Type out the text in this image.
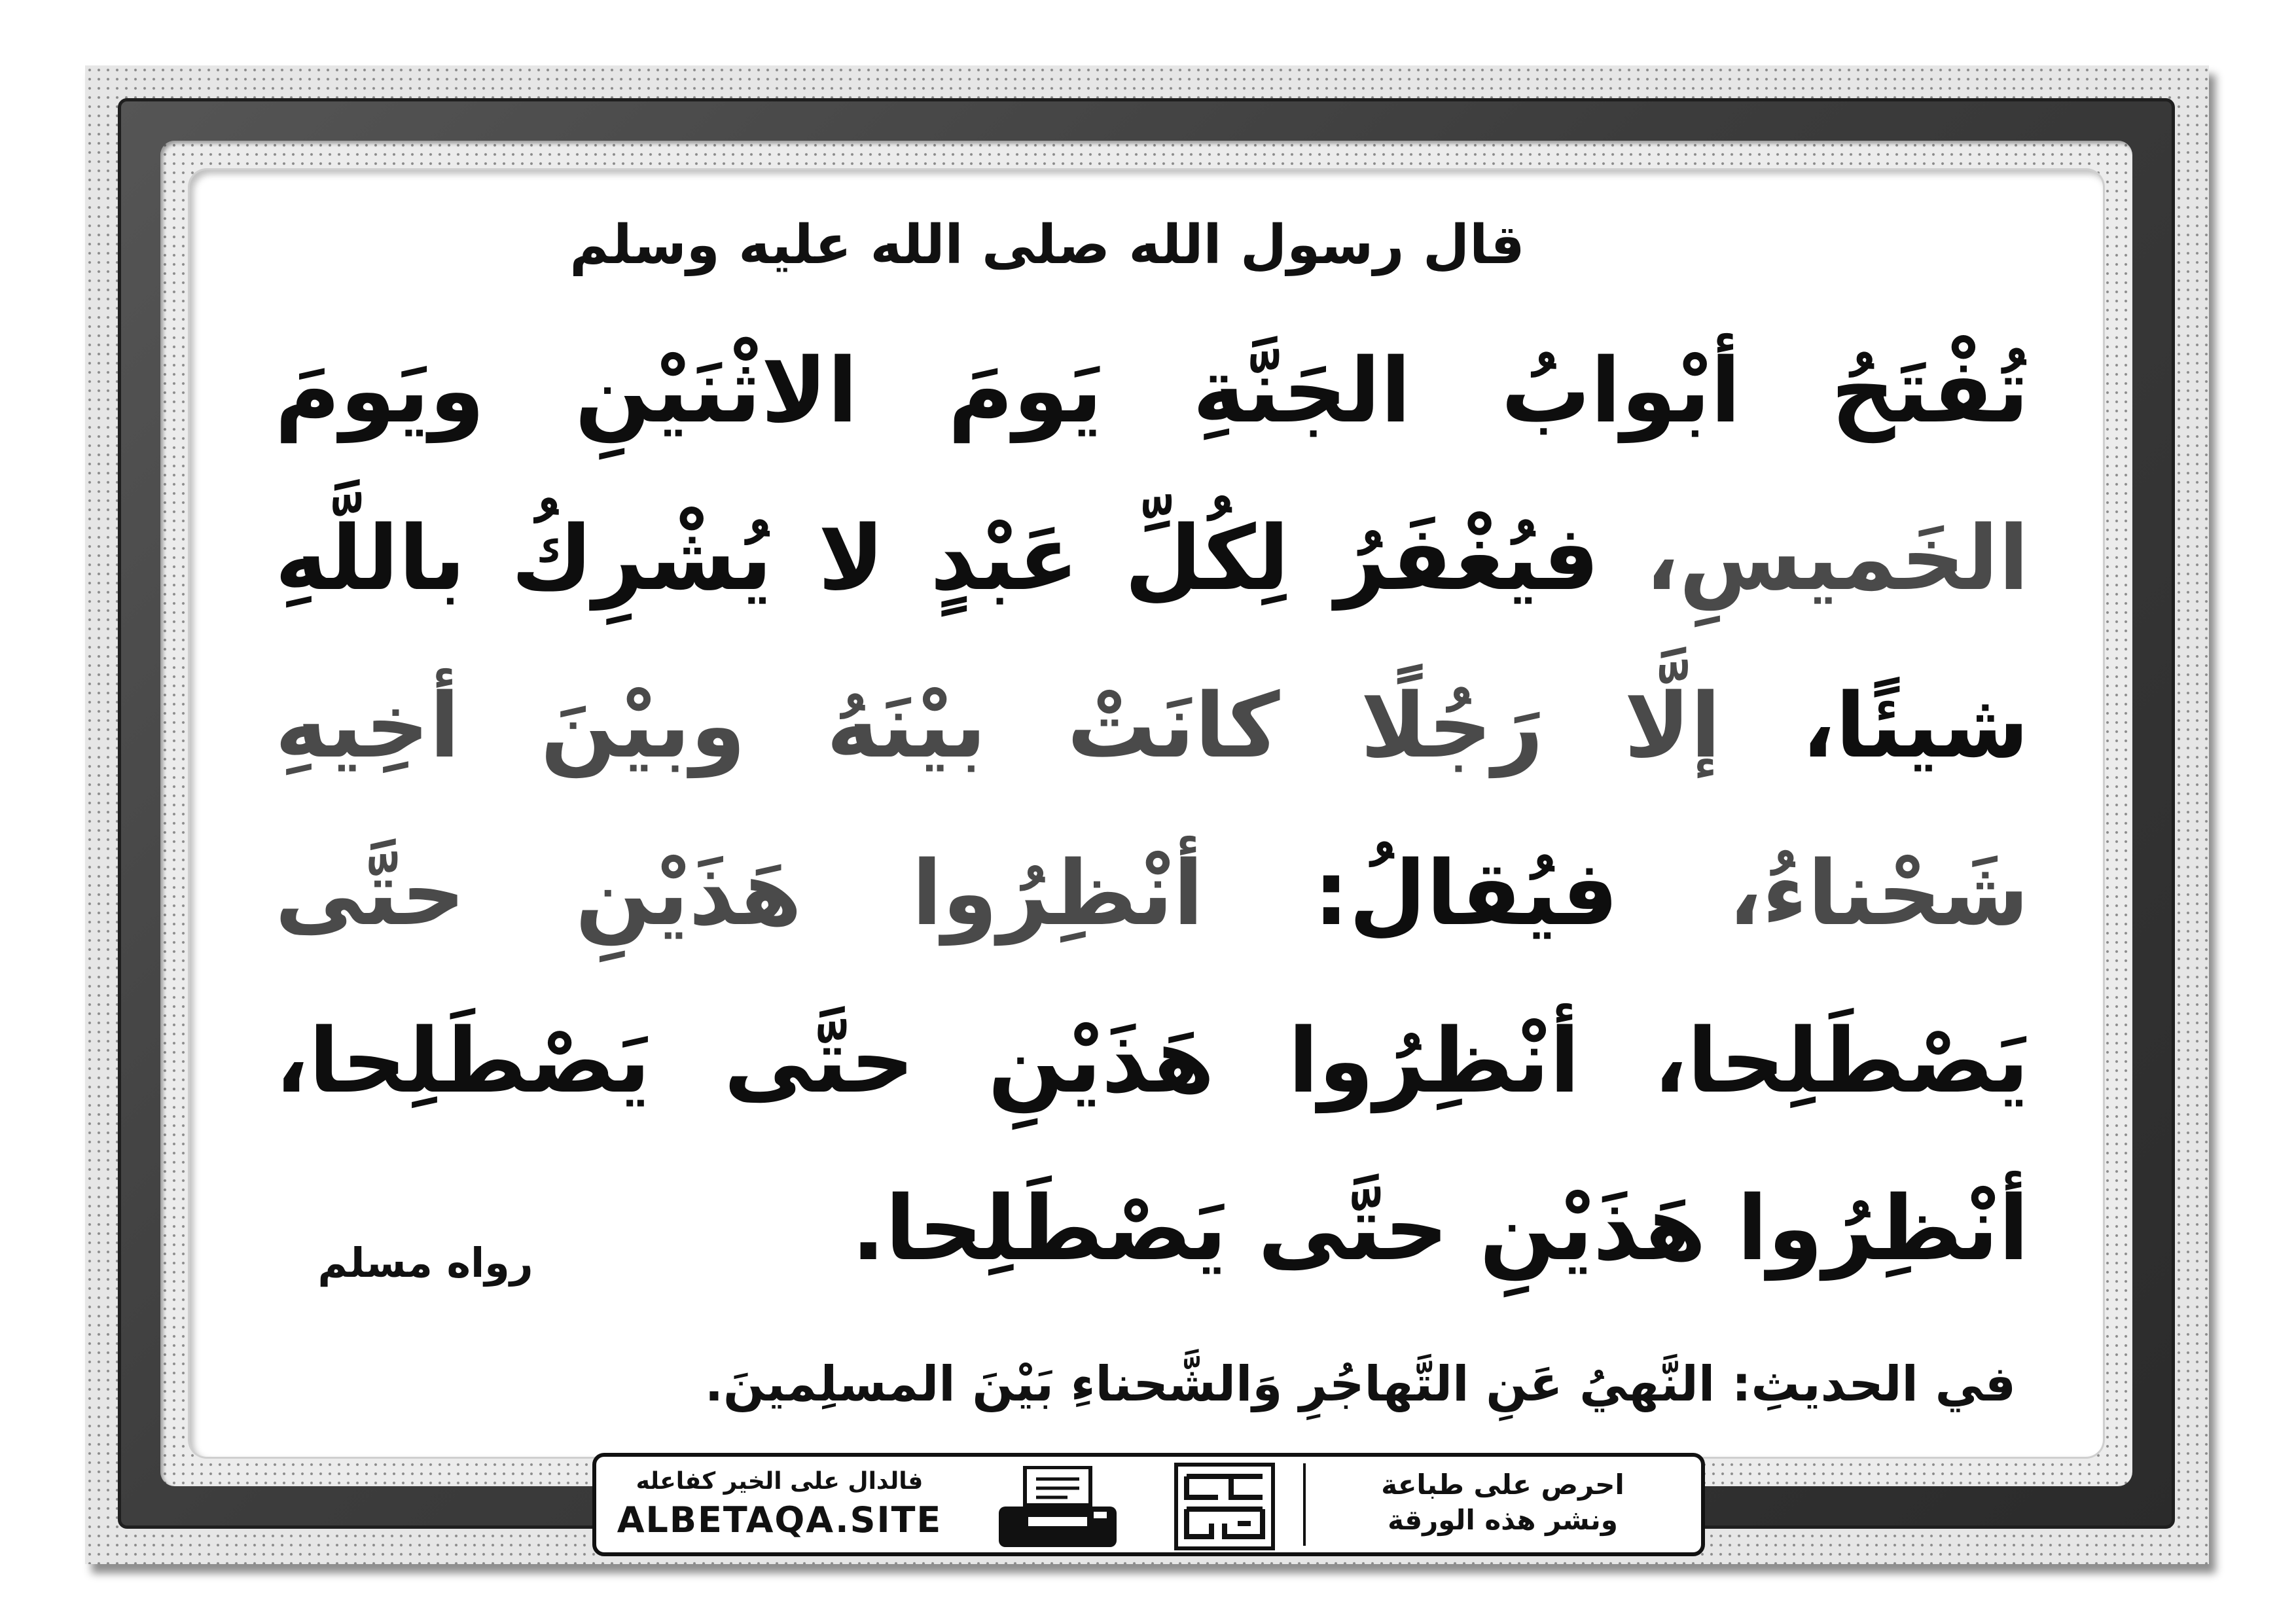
قال رسول الله صلى الله عليه وسلم
تُفْتَحُ أبْوابُ الجَنَّةِ يَومَ الاثْنَيْنِ ويَومَ
الخَميسِ، فيُغْفَرُ لِكُلِّ عَبْدٍ لا يُشْرِكُ باللَّهِ
شيئًا، إلَّا رَجُلًا كانَتْ بيْنَهُ وبيْنَ أخِيهِ
شَحْناءُ، فيُقالُ: أنْظِرُوا هَذَيْنِ حتَّى
يَصْطَلِحا، أنْظِرُوا هَذَيْنِ حتَّى يَصْطَلِحا،
أنْظِرُوا هَذَيْنِ حتَّى يَصْطَلِحا.
رواه مسلم
في الحديثِ: النَّهيُ عَنِ التَّهاجُرِ وَالشَّحناءِ بَيْنَ المسلِمينَ.
فالدال على الخير كفاعله
ALBETAQA.SITE
احرص على طباعة
ونشر هذه الورقة
